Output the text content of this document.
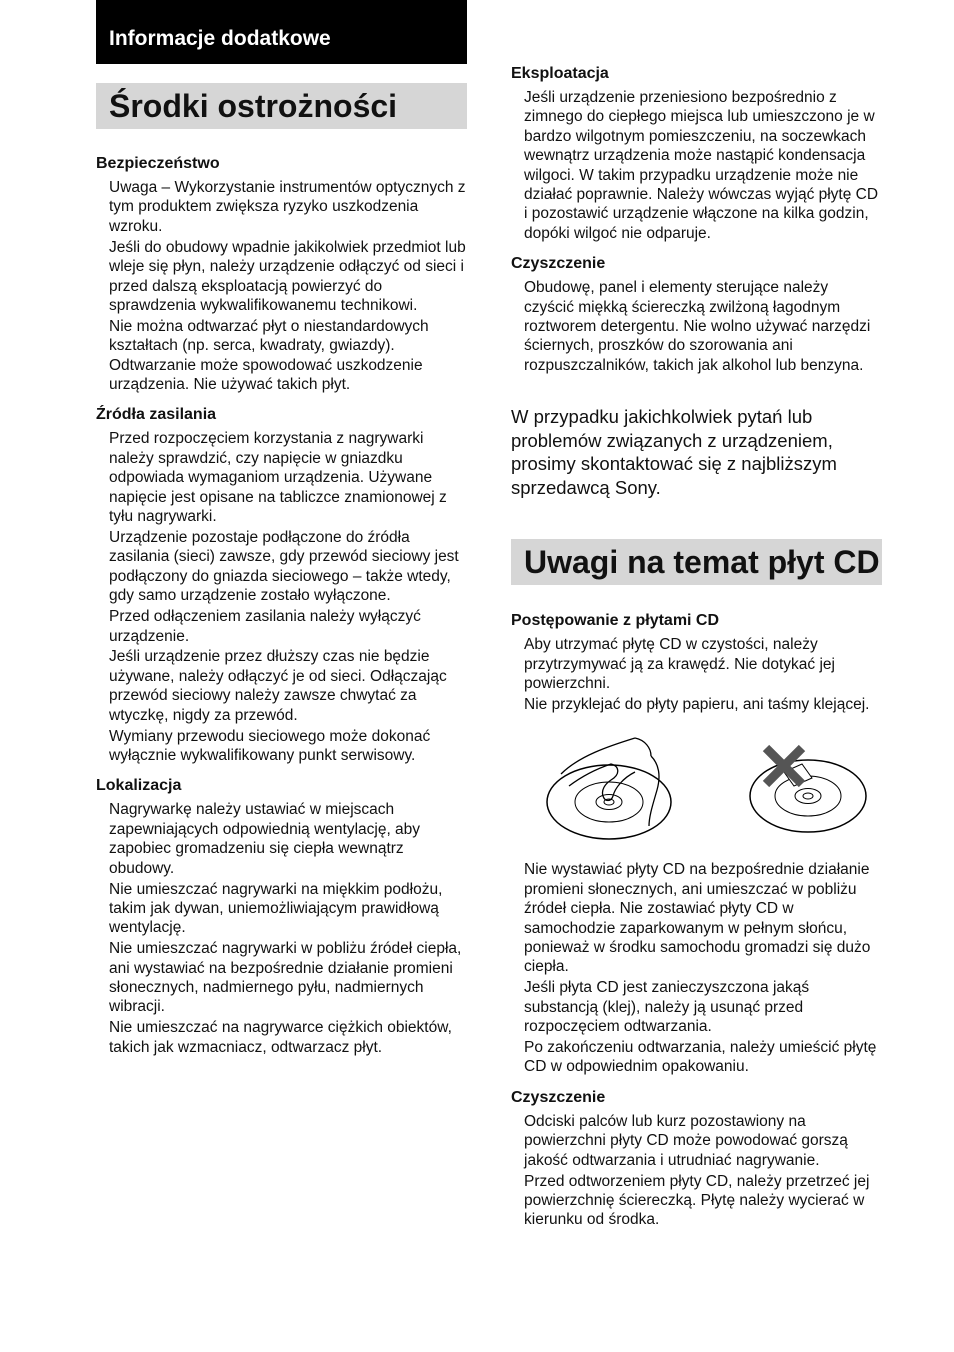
Informacje dodatkowe
Środki ostrożności

Bezpieczeństwo

Uwaga – Wykorzystanie instrumentów optycznych z tym produktem zwiększa ryzyko uszkodzenia wzroku.

Jeśli do obudowy wpadnie jakikolwiek przedmiot lub wleje się płyn, należy urządzenie odłączyć od sieci i przed dalszą eksploatacją powierzyć do sprawdzenia wykwalifikowanemu technikowi.

Nie można odtwarzać płyt o niestandardowych kształtach (np. serca, kwadraty, gwiazdy). Odtwarzanie może spowodować uszkodzenie urządzenia. Nie używać takich płyt.

Źródła zasilania

Przed rozpoczęciem korzystania z nagrywarki należy sprawdzić, czy napięcie w gniazdku odpowiada wymaganiom urządzenia. Używane napięcie jest opisane na tabliczce znamionowej z tyłu nagrywarki.

Urządzenie pozostaje podłączone do źródła zasilania (sieci) zawsze, gdy przewód sieciowy jest podłączony do gniazda sieciowego – także wtedy, gdy samo urządzenie zostało wyłączone.

Przed odłączeniem zasilania należy wyłączyć urządzenie.

Jeśli urządzenie przez dłuższy czas nie będzie używane, należy odłączyć je od sieci. Odłączając przewód sieciowy należy zawsze chwytać za wtyczkę, nigdy za przewód.

Wymiany przewodu sieciowego może dokonać wyłącznie wykwalifikowany punkt serwisowy.

Lokalizacja

Nagrywarkę należy ustawiać w miejscach zapewniających odpowiednią wentylację, aby zapobiec gromadzeniu się ciepła wewnątrz obudowy.

Nie umieszczać nagrywarki na miękkim podłożu, takim jak dywan, uniemożliwiającym prawidłową wentylację.

Nie umieszczać nagrywarki w pobliżu źródeł ciepła, ani wystawiać na bezpośrednie działanie promieni słonecznych, nadmiernego pyłu, nadmiernych wibracji.

Nie umieszczać na nagrywarce ciężkich obiektów, takich jak wzmacniacz, odtwarzacz płyt.

Eksploatacja

Jeśli urządzenie przeniesiono bezpośrednio z zimnego do ciepłego miejsca lub umieszczono je w bardzo wilgotnym pomieszczeniu, na soczewkach wewnątrz urządzenia może nastąpić kondensacja wilgoci. W takim przypadku urządzenie może nie działać poprawnie. Należy wówczas wyjąć płytę CD i pozostawić urządzenie włączone na kilka godzin, dopóki wilgoć nie odparuje.

Czyszczenie

Obudowę, panel i elementy sterujące należy czyścić miękką ściereczką zwilżoną łagodnym roztworem detergentu. Nie wolno używać narzędzi ściernych, proszków do szorowania ani rozpuszczalników, takich jak alkohol lub benzyna.

W przypadku jakichkolwiek pytań lub problemów związanych z urządzeniem, prosimy skontaktować się z najbliższym sprzedawcą Sony.

Uwagi na temat płyt CD

Postępowanie z płytami CD

Aby utrzymać płytę CD w czystości, należy przytrzymywać ją za krawędź. Nie dotykać jej powierzchni.

Nie przyklejać do płyty papieru, ani taśmy klejącej.

Nie wystawiać płyty CD na bezpośrednie działanie promieni słonecznych, ani umieszczać w pobliżu źródeł ciepła. Nie zostawiać płyty CD w samochodzie zaparkowanym w pełnym słońcu, ponieważ w środku samochodu gromadzi się dużo ciepła.

Jeśli płyta CD jest zanieczyszczona jakąś substancją (klej), należy ją usunąć przed rozpoczęciem odtwarzania.

Po zakończeniu odtwarzania, należy umieścić płytę CD w odpowiednim opakowaniu.

Czyszczenie

Odciski palców lub kurz pozostawiony na powierzchni płyty CD może powodować gorszą jakość odtwarzania i utrudniać nagrywanie.

Przed odtworzeniem płyty CD, należy przetrzeć jej powierzchnię ściereczką. Płytę należy wycierać w kierunku od środka.
